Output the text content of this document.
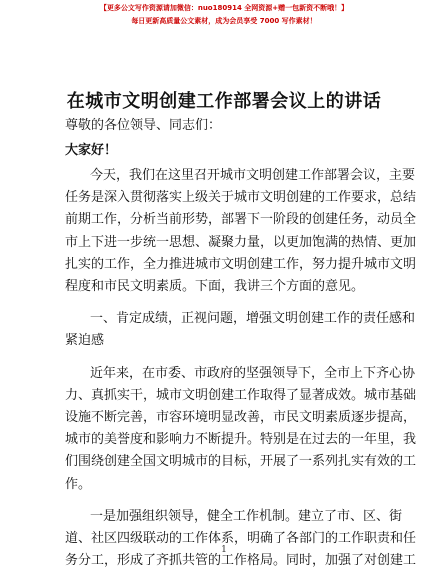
【更多公文写作资源请加微信：nuo180914 全网资源+赠一包新资不断哦！】
每日更新高质量公文素材，成为会员享受 7000 写作素材！
在城市文明创建工作部署会议上的讲话
尊敬的各位领导、同志们：
大家好！
今天，我们在这里召开城市文明创建工作部署会议，主要
任务是深入贯彻落实上级关于城市文明创建的工作要求，总结
前期工作，分析当前形势，部署下一阶段的创建任务，动员全
市上下进一步统一思想、凝聚力量，以更加饱满的热情、更加
扎实的工作，全力推进城市文明创建工作，努力提升城市文明
程度和市民文明素质。下面，我讲三个方面的意见。
一、肯定成绩，正视问题，增强文明创建工作的责任感和
紧迫感
近年来，在市委、市政府的坚强领导下，全市上下齐心协
力、真抓实干，城市文明创建工作取得了显著成效。城市基础
设施不断完善，市容环境明显改善，市民文明素质逐步提高，
城市的美誉度和影响力不断提升。特别是在过去的一年里，我
们围绕创建全国文明城市的目标，开展了一系列扎实有效的工
作。
一是加强组织领导，健全工作机制。建立了市、区、街
道、社区四级联动的工作体系，明确了各部门的工作职责和任
务分工，形成了齐抓共管的工作格局。同时，加强了对创建工
1
